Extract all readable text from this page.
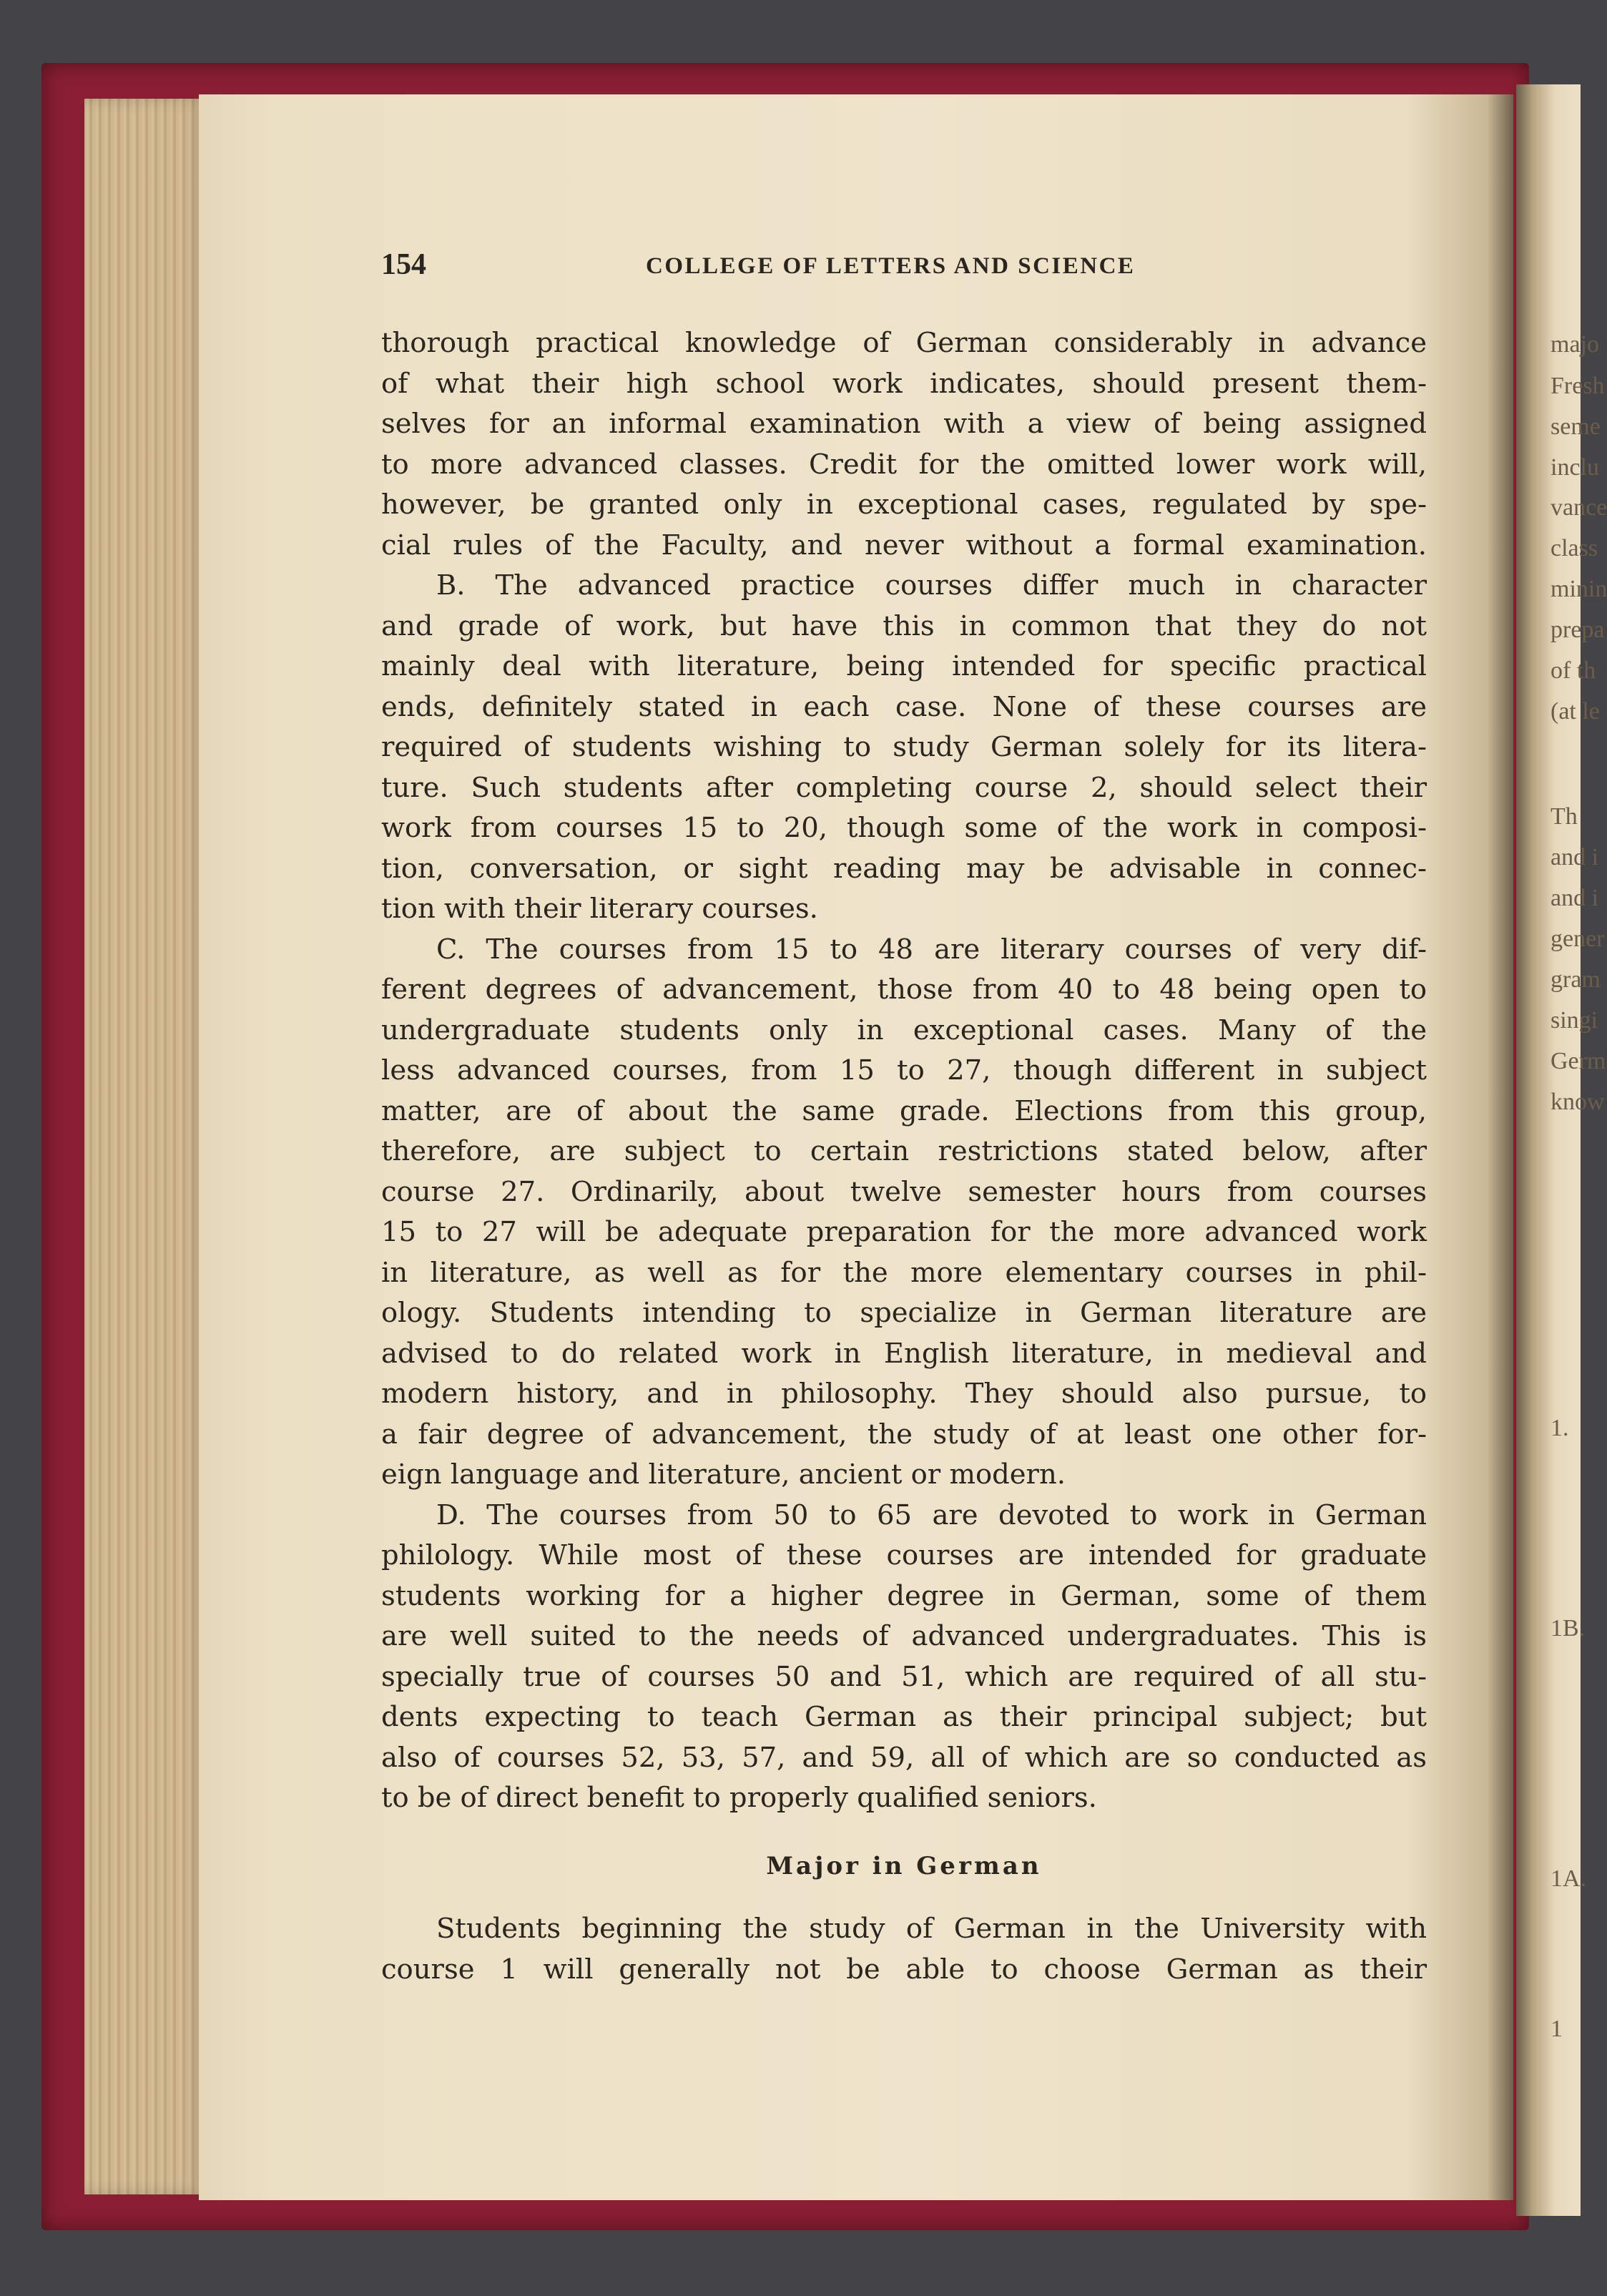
majo
Fresh
seme
inclu
vance
class
minin
prepa
of th
(at le
Th
and i
and i
gener
gram
singi
Germ
know
1.
1B.
1A.
1
154	COLLEGE OF LETTERS AND SCIENCE
thorough practical knowledge of German considerably in advance
of what their high school work indicates, should present them-
selves for an informal examination with a view of being assigned
to more advanced classes. Credit for the omitted lower work will,
however, be granted only in exceptional cases, regulated by spe-
cial rules of the Faculty, and never without a formal examination.
B. The advanced practice courses differ much in character
and grade of work, but have this in common that they do not
mainly deal with literature, being intended for specific practical
ends, definitely stated in each case. None of these courses are
required of students wishing to study German solely for its litera-
ture. Such students after completing course 2, should select their
work from courses 15 to 20, though some of the work in composi-
tion, conversation, or sight reading may be advisable in connec-
tion with their literary courses.
C. The courses from 15 to 48 are literary courses of very dif-
ferent degrees of advancement, those from 40 to 48 being open to
undergraduate students only in exceptional cases. Many of the
less advanced courses, from 15 to 27, though different in subject
matter, are of about the same grade. Elections from this group,
therefore, are subject to certain restrictions stated below, after
course 27. Ordinarily, about twelve semester hours from courses
15 to 27 will be adequate preparation for the more advanced work
in literature, as well as for the more elementary courses in phil-
ology. Students intending to specialize in German literature are
advised to do related work in English literature, in medieval and
modern history, and in philosophy. They should also pursue, to
a fair degree of advancement, the study of at least one other for-
eign language and literature, ancient or modern.
D. The courses from 50 to 65 are devoted to work in German
philology. While most of these courses are intended for graduate
students working for a higher degree in German, some of them
are well suited to the needs of advanced undergraduates. This is
specially true of courses 50 and 51, which are required of all stu-
dents expecting to teach German as their principal subject; but
also of courses 52, 53, 57, and 59, all of which are so conducted as
to be of direct benefit to properly qualified seniors.
Major in German
Students beginning the study of German in the University with
course 1 will generally not be able to choose German as their
